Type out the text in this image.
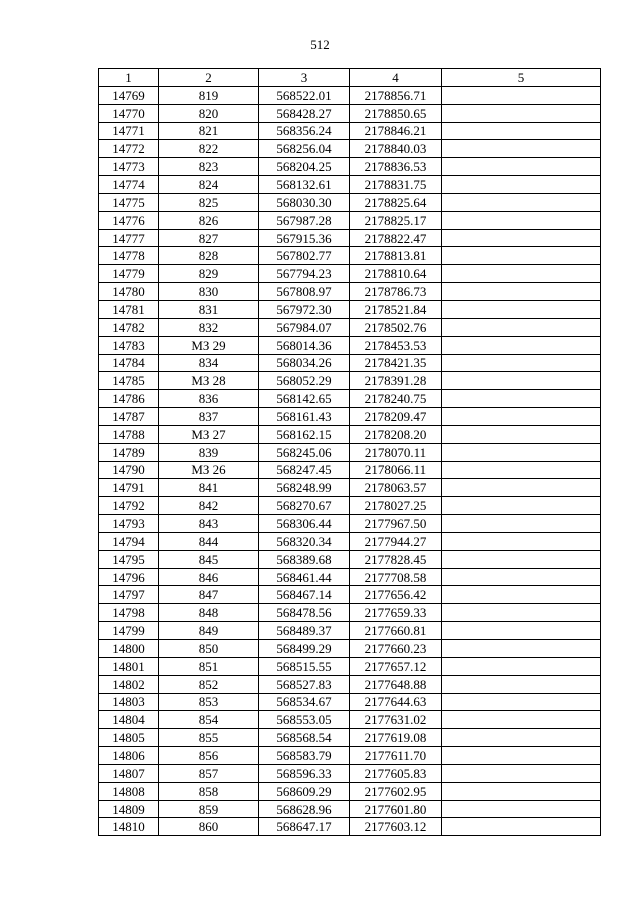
512
1	2	3	4	5
14769	819	568522.01	2178856.71	
14770	820	568428.27	2178850.65	
14771	821	568356.24	2178846.21	
14772	822	568256.04	2178840.03	
14773	823	568204.25	2178836.53	
14774	824	568132.61	2178831.75	
14775	825	568030.30	2178825.64	
14776	826	567987.28	2178825.17	
14777	827	567915.36	2178822.47	
14778	828	567802.77	2178813.81	
14779	829	567794.23	2178810.64	
14780	830	567808.97	2178786.73	
14781	831	567972.30	2178521.84	
14782	832	567984.07	2178502.76	
14783	МЗ 29	568014.36	2178453.53	
14784	834	568034.26	2178421.35	
14785	МЗ 28	568052.29	2178391.28	
14786	836	568142.65	2178240.75	
14787	837	568161.43	2178209.47	
14788	МЗ 27	568162.15	2178208.20	
14789	839	568245.06	2178070.11	
14790	МЗ 26	568247.45	2178066.11	
14791	841	568248.99	2178063.57	
14792	842	568270.67	2178027.25	
14793	843	568306.44	2177967.50	
14794	844	568320.34	2177944.27	
14795	845	568389.68	2177828.45	
14796	846	568461.44	2177708.58	
14797	847	568467.14	2177656.42	
14798	848	568478.56	2177659.33	
14799	849	568489.37	2177660.81	
14800	850	568499.29	2177660.23	
14801	851	568515.55	2177657.12	
14802	852	568527.83	2177648.88	
14803	853	568534.67	2177644.63	
14804	854	568553.05	2177631.02	
14805	855	568568.54	2177619.08	
14806	856	568583.79	2177611.70	
14807	857	568596.33	2177605.83	
14808	858	568609.29	2177602.95	
14809	859	568628.96	2177601.80	
14810	860	568647.17	2177603.12	
